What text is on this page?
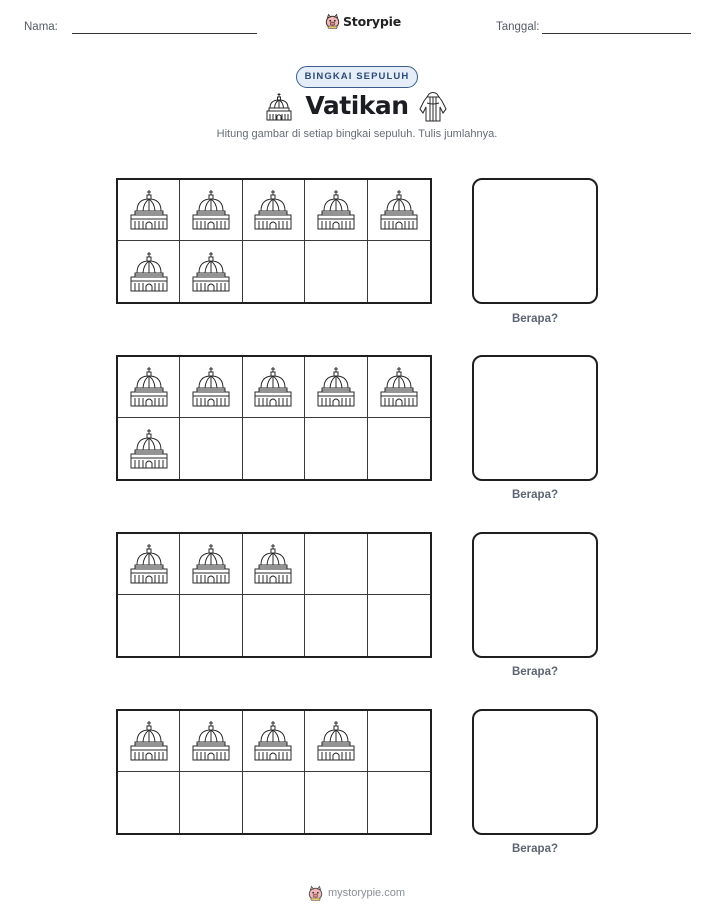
Nama:	Storypie	Tanggal:
BINGKAI SEPULUH
Vatikan
Hitung gambar di setiap bingkai sepuluh. Tulis jumlahnya.
Berapa?
Berapa?
Berapa?
Berapa?
mystorypie.com
